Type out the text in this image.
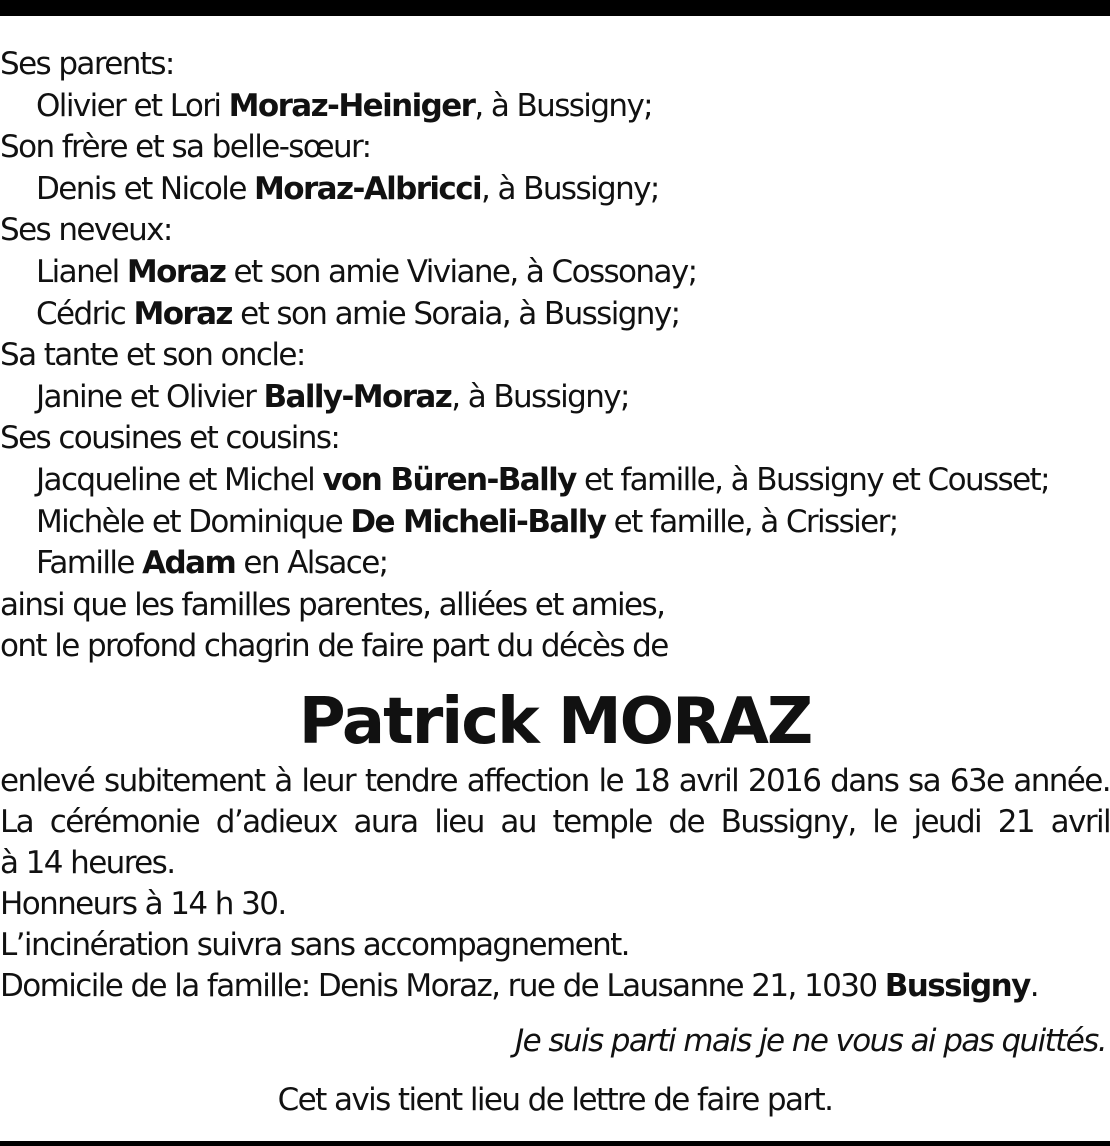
Ses parents:
Olivier et Lori Moraz-Heiniger, à Bussigny;
Son frère et sa belle-sœur:
Denis et Nicole Moraz-Albricci, à Bussigny;
Ses neveux:
Lianel Moraz et son amie Viviane, à Cossonay;
Cédric Moraz et son amie Soraia, à Bussigny;
Sa tante et son oncle:
Janine et Olivier Bally-Moraz, à Bussigny;
Ses cousines et cousins:
Jacqueline et Michel von Büren-Bally et famille, à Bussigny et Cousset;
Michèle et Dominique De Micheli-Bally et famille, à Crissier;
Famille Adam en Alsace;
ainsi que les familles parentes, alliées et amies,
ont le profond chagrin de faire part du décès de
Patrick MORAZ
enlevé subitement à leur tendre affection le 18 avril 2016 dans sa 63e année.
La cérémonie d’adieux aura lieu au temple de Bussigny, le jeudi 21 avril
à 14 heures.
Honneurs à 14 h 30.
L’incinération suivra sans accompagnement.
Domicile de la famille: Denis Moraz, rue de Lausanne 21, 1030 Bussigny.
Je suis parti mais je ne vous ai pas quittés.
Cet avis tient lieu de lettre de faire part.
